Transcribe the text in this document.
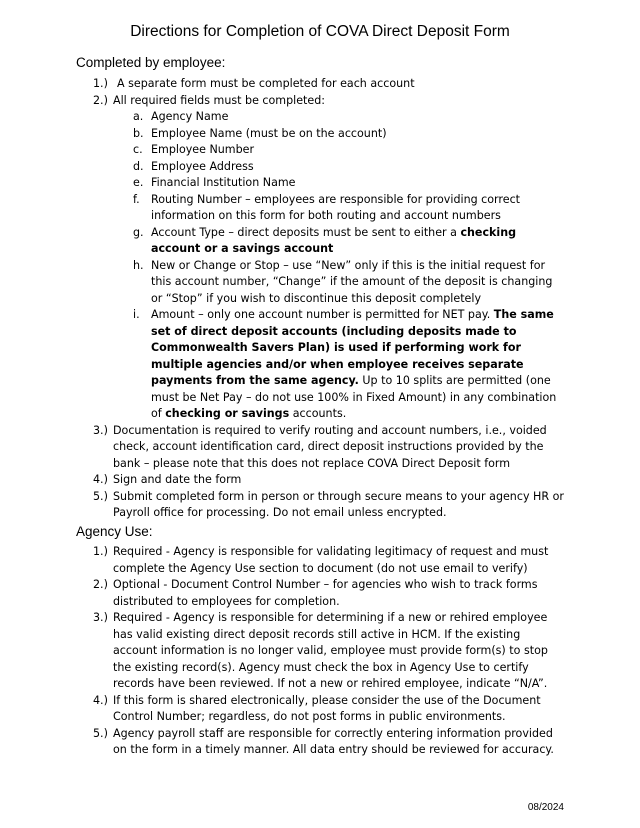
Directions for Completion of COVA Direct Deposit Form
Completed by employee:
1.) A separate form must be completed for each account
2.) All required fields must be completed:
a. Agency Name
b. Employee Name (must be on the account)
c. Employee Number
d. Employee Address
e. Financial Institution Name
f. Routing Number – employees are responsible for providing correct information on this form for both routing and account numbers
g. Account Type – direct deposits must be sent to either a checking account or a savings account
h. New or Change or Stop – use “New” only if this is the initial request for this account number, “Change” if the amount of the deposit is changing or “Stop” if you wish to discontinue this deposit completely
i. Amount – only one account number is permitted for NET pay. The same set of direct deposit accounts (including deposits made to Commonwealth Savers Plan) is used if performing work for multiple agencies and/or when employee receives separate payments from the same agency. Up to 10 splits are permitted (one must be Net Pay – do not use 100% in Fixed Amount) in any combination of checking or savings accounts.
3.) Documentation is required to verify routing and account numbers, i.e., voided check, account identification card, direct deposit instructions provided by the bank – please note that this does not replace COVA Direct Deposit form
4.) Sign and date the form
5.) Submit completed form in person or through secure means to your agency HR or Payroll office for processing. Do not email unless encrypted.
Agency Use:
1.) Required - Agency is responsible for validating legitimacy of request and must complete the Agency Use section to document (do not use email to verify)
2.) Optional - Document Control Number – for agencies who wish to track forms distributed to employees for completion.
3.) Required - Agency is responsible for determining if a new or rehired employee has valid existing direct deposit records still active in HCM. If the existing account information is no longer valid, employee must provide form(s) to stop the existing record(s). Agency must check the box in Agency Use to certify records have been reviewed. If not a new or rehired employee, indicate “N/A”.
4.) If this form is shared electronically, please consider the use of the Document Control Number; regardless, do not post forms in public environments.
5.) Agency payroll staff are responsible for correctly entering information provided on the form in a timely manner. All data entry should be reviewed for accuracy.
08/2024
